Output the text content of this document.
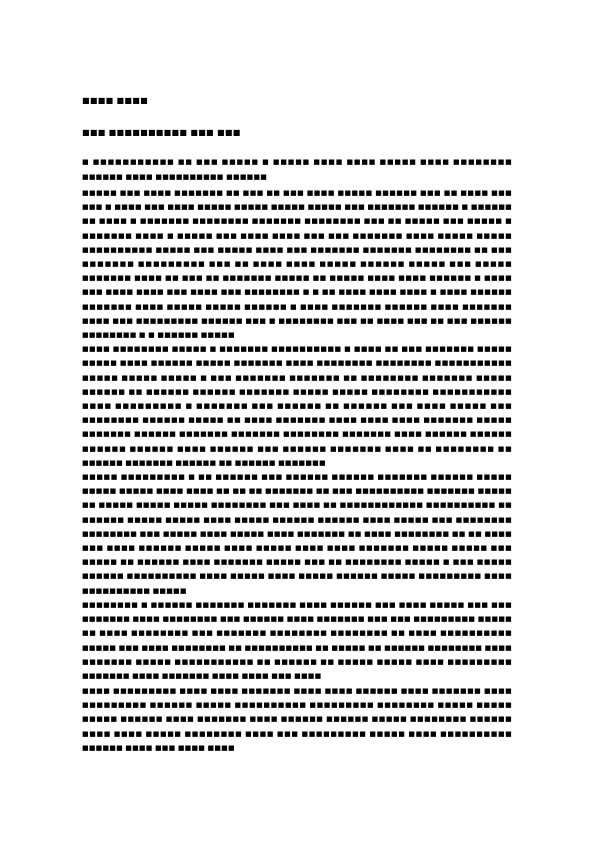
■■■■ ■■■■
■■■ ■■■■■■■■■■ ■■■ ■■■

■ ■■■■■■■■■■■ ■■ ■■■ ■■■■■ ■ ■■■■■ ■■■■ ■■■■ ■■■■■ ■■■■ ■■■■■■■■ ■■■■■■ ■■■■ ■■■■■■■■■■ ■■■■■■

■■■■■ ■■■ ■■■■ ■■■■■■■ ■■ ■■■ ■■ ■■■ ■■■■ ■■■■■ ■■■■■■ ■■■ ■■ ■■■■ ■■■ ■■■ ■ ■■■■ ■■■ ■■■■ ■■■■■ ■■■■■ ■■■■■ ■■■■■ ■■■ ■■■■■■■ ■■■■■■ ■ ■■■■■■ ■■ ■■■■ ■ ■■■■■■■ ■■■■■■■■ ■■■■■■■ ■■■■■■■■ ■■■ ■■ ■■■■■ ■■■ ■■■■■ ■ ■■■■■■■ ■■■■ ■ ■■■■■ ■■■ ■■■■ ■■■■ ■■■ ■■■ ■■■■■■■ ■■■■ ■■■■■ ■■■■■ ■■■■■■■■■■ ■■■■■ ■■■ ■■■■■ ■■■■ ■■■ ■■■■■■■ ■■■■■■■ ■■■■■■■■ ■■ ■■■ ■■■■■■■ ■■■■■■■■■ ■■■ ■■ ■■■■ ■■■■ ■■■■■ ■■■■■■ ■■■■■ ■■■ ■■■■■ ■■■■■■■ ■■■■ ■■ ■■■ ■■ ■■■■■■■ ■■■■■ ■■ ■■■■■ ■■■■ ■■■■ ■■■■■■ ■ ■■■■ ■■■ ■■■■ ■■■■ ■■■ ■■■■ ■■■ ■■■■■■■■ ■ ■ ■■ ■■■■ ■■■■ ■■■■ ■ ■■■■ ■■■■■■ ■■■■■■■ ■■■■ ■■■■■ ■■■■■ ■■■■■■ ■ ■■■■ ■■■■■■■ ■■■■■■ ■■■■ ■■■■■■■ ■■■■ ■■■ ■■■■■■■■■ ■■■■■■ ■■■ ■ ■■■■■■■■ ■■■ ■■ ■■■■ ■■■ ■■ ■■■ ■■■■■■ ■■■■■■■■ ■ ■ ■■■■■■ ■■■■■

■■■■ ■■■■■■■■ ■■■■■ ■ ■■■■■■■ ■■■■■■■■■■ ■ ■■■■ ■■ ■■■ ■■■■■■■ ■■■■■ ■■■■■ ■■■■ ■■■■■■ ■■■■■ ■■■■■■■ ■■■■ ■■■■■■■■ ■■■■■■■■ ■■■■■■■■■■■ ■■■■■ ■■■■■ ■■■■■ ■ ■■■ ■■■■■■■ ■■■■■■■ ■■ ■■■■■■■■ ■■■■■■■ ■■■■■ ■■■■■■ ■■ ■■■■■■ ■■■■■■ ■■■■■■■ ■■■■■ ■■■■■ ■■■■■■■■ ■■■■■■■■■■■ ■■■■ ■■■■■■■■■ ■ ■■■■■■■ ■■■ ■■■■■■ ■■ ■■■■■■ ■■■ ■■■■ ■■■■■ ■■■ ■■■■■■■■ ■■■■■■ ■■■■■ ■■ ■■■■ ■■■■■■■ ■■■■ ■■■■ ■■■■ ■■■■■■■ ■■■■■ ■■■■■■■ ■■■■■■ ■■■■■■■ ■■■■■■■ ■■■■■■■■ ■■■■■■■ ■■■■ ■■■■■■ ■■■■■■ ■■■■■■ ■■■■■■ ■■■■ ■■■■■■ ■■■ ■■■■■■ ■■■■■■■ ■■■■ ■■ ■■■■■■■■ ■■ ■■■■■■ ■■■■■■■ ■■■■■■ ■■ ■■■■■■ ■■■■■■■

■■■■■ ■■■■■■■■■ ■ ■■ ■■■■■■ ■■■ ■■■■■■ ■■■■■■ ■■■■■■■ ■■■■■■ ■■■■■ ■■■■■ ■■■■■ ■■■■ ■■■■ ■■ ■■ ■■ ■■■■■■■ ■■ ■■■ ■■■■■■■■■■ ■■■■■■■ ■■■■■ ■■ ■■■■■ ■■■■■ ■■■■■ ■■■■■■■■ ■■■ ■■■■ ■■ ■■■■■■■■■■■■ ■■■■■■■■■■ ■■ ■■■■■■ ■■■■■ ■■■■■ ■■■■ ■■■■■ ■■■■■■ ■■■■■■ ■■■■ ■■■■■ ■■■ ■■■■■■■■ ■■■■■■■■ ■■■ ■■■■■ ■■■■ ■■■■■ ■■■■ ■■■■■■■ ■■ ■■■■ ■■■■■■■■ ■■ ■■ ■■■■ ■■■ ■■■■ ■■■■■■ ■■■■■ ■■■■ ■■■■■ ■■■■ ■■■■ ■■■■■■■ ■■■■■ ■■■■■ ■■■ ■■■■■ ■■ ■■■■■■ ■■■■ ■■■■■■■ ■■■■■ ■■■ ■■ ■■■■■■■■ ■■■■■ ■ ■■■ ■■■■■ ■■■■■■ ■■■■■■■■■■ ■■■■ ■■■■■ ■■■■ ■■■■■ ■■■■■■ ■■■■■ ■■■■■■■■■ ■■■■ ■■■■■■■■■■ ■■■■■

■■■■■■■■ ■ ■■■■■■ ■■■■■■■ ■■■■■■■ ■■■■ ■■■■■■ ■■■ ■■■■ ■■■■■ ■■■ ■■■ ■■■■■■■ ■■■■ ■■■■■■■■ ■■■ ■■■■■■ ■■■■ ■■■■■■■ ■■■ ■■■ ■■■■■■■■■ ■■■■■ ■■ ■■■■ ■■■■■■■■ ■■■ ■■■■■■■ ■■■■■■■■ ■■■■■■■■ ■■ ■■■■ ■■■■■■■■■■ ■■■■■ ■■■ ■■■■ ■■■■■■■■ ■■ ■■■■■■■■■■ ■■ ■■■■■ ■■ ■■■■■■ ■■■■■■■■ ■■■■ ■■■■■■■ ■■■■■ ■■■■■■■■■■■ ■■ ■■■■■■ ■■ ■■■■■ ■■■■■ ■■■■ ■■■■■■■■■ ■■■■■■■ ■■■■ ■■■■■■■ ■■■■ ■■■■ ■■■ ■■■■

■■■■ ■■■■■■■■■ ■■■■ ■■■■ ■■■■■■■ ■■■■ ■■■■ ■■■■■■ ■■■■ ■■■■■■■ ■■■■ ■■■■■■■■■ ■■■■■■ ■■■■■ ■■■■■■■■■■ ■■■■■■■■■ ■■■■■■■■ ■■■■■ ■■■■■ ■■■■■ ■■■■■■ ■■■■ ■■■■■■■ ■■■■ ■■■■■■ ■■■■■■ ■■■■■ ■■■■■■■■ ■■■■■■ ■■■■ ■■■■ ■■■■■ ■■■■■■■■ ■■■■ ■■■ ■■■■■■■■■ ■■■■■ ■■■■ ■■■■■■■■■■ ■■■■■■ ■■■■ ■■■ ■■■■ ■■■■
